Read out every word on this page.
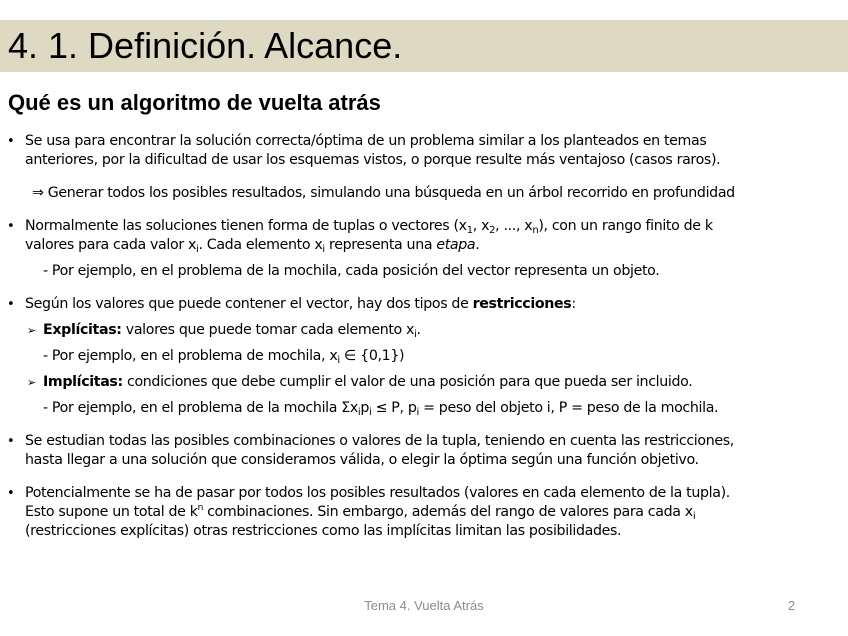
4. 1. Definición. Alcance.
Qué es un algoritmo de vuelta atrás
• Se usa para encontrar la solución correcta/óptima de un problema similar a los planteados en temas
anteriores, por la dificultad de usar los esquemas vistos, o porque resulte más ventajoso (casos raros).
⇒ Generar todos los posibles resultados, simulando una búsqueda en un árbol recorrido en profundidad
• Normalmente las soluciones tienen forma de tuplas o vectores ($x_1$, $x_2$, ..., $x_n$), con un rango finito de k
valores para cada valor $x_i$. Cada elemento $x_i$ representa una etapa.
- Por ejemplo, en el problema de la mochila, cada posición del vector representa un objeto.
• Según los valores que puede contener el vector, hay dos tipos de restricciones:
➢ Explícitas: valores que puede tomar cada elemento $x_i$.
- Por ejemplo, en el problema de mochila, $x_i$ ∈ {0,1})
➢ Implícitas: condiciones que debe cumplir el valor de una posición para que pueda ser incluido.
- Por ejemplo, en el problema de la mochila $\Sigma x_ip_i \le P$, $p_i$ = peso del objeto i, P = peso de la mochila.
• Se estudian todas las posibles combinaciones o valores de la tupla, teniendo en cuenta las restricciones,
hasta llegar a una solución que consideramos válida, o elegir la óptima según una función objetivo.
• Potencialmente se ha de pasar por todos los posibles resultados (valores en cada elemento de la tupla).
Esto supone un total de $k^n$ combinaciones. Sin embargo, además del rango de valores para cada $x_i$
(restricciones explícitas) otras restricciones como las implícitas limitan las posibilidades.
Tema 4. Vuelta Atrás	2
